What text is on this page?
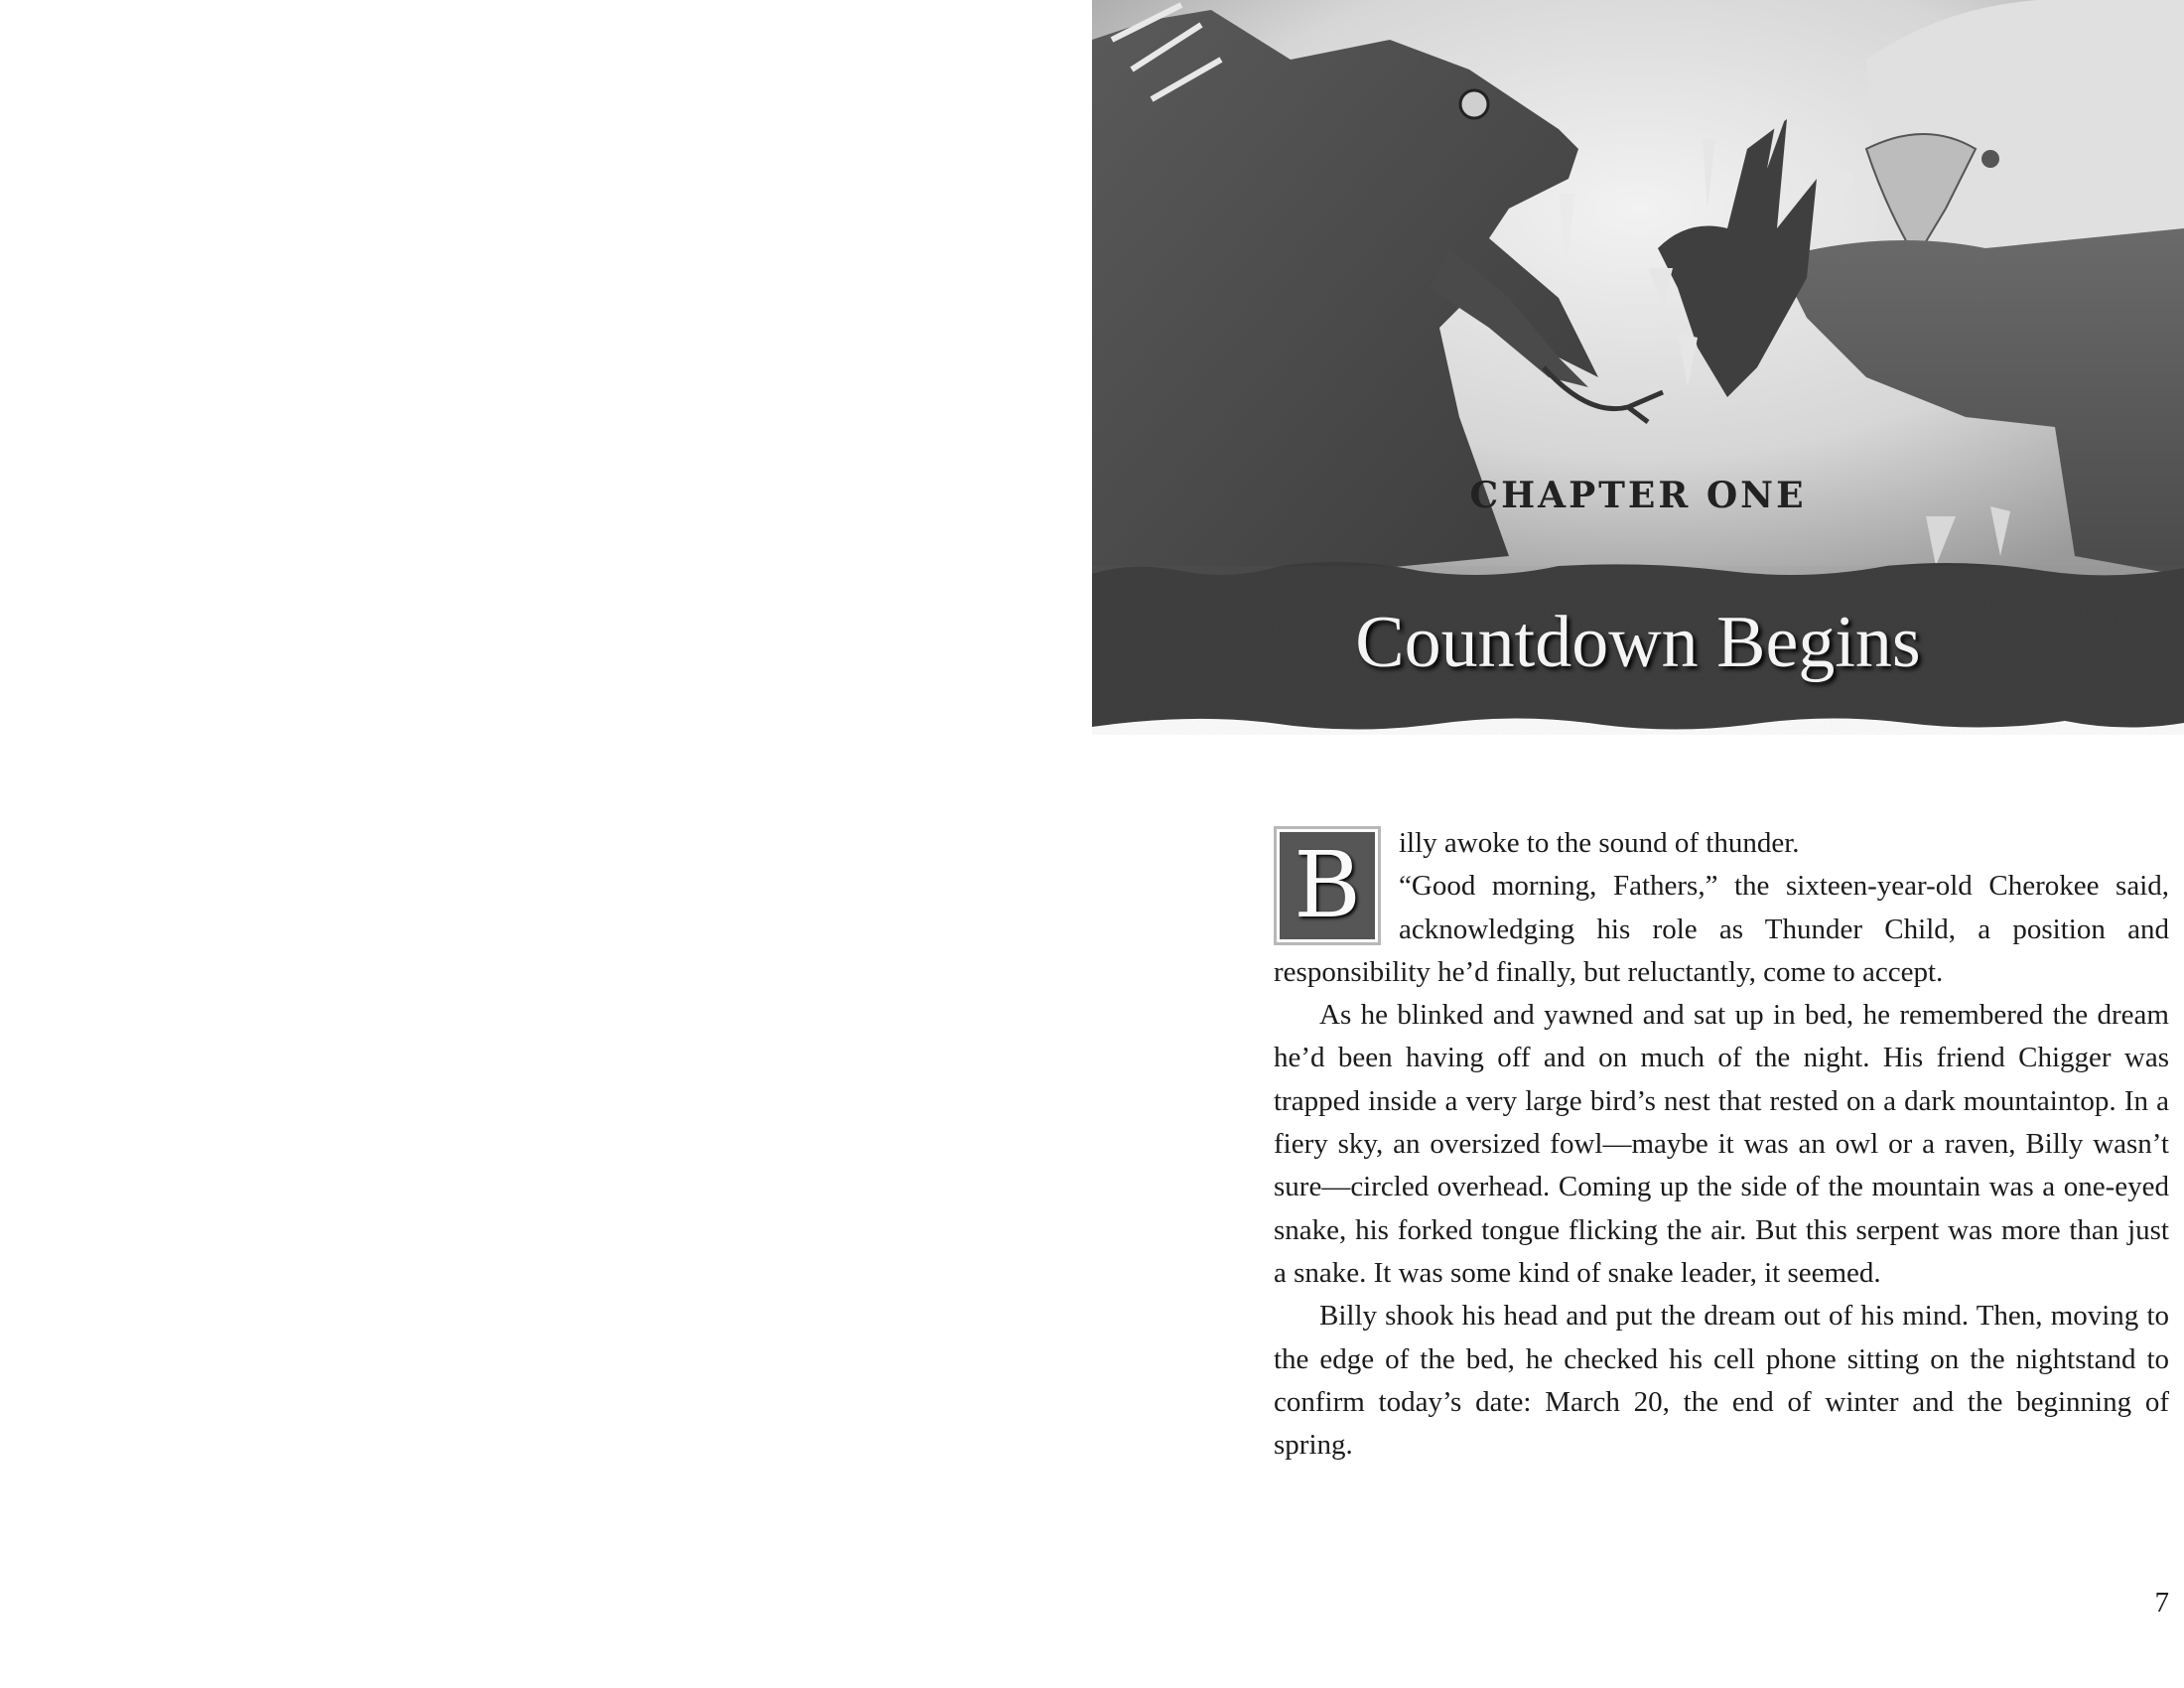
CHAPTER ONE
Countdown Begins
B	illy awoke to the sound of thunder.

“Good morning, Fathers,” the sixteen-year-old Cherokee said, acknowledging his role as Thunder Child, a position and responsibility he’d finally, but reluctantly, come to accept.

As he blinked and yawned and sat up in bed, he remembered the dream he’d been having off and on much of the night. His friend Chigger was trapped inside a very large bird’s nest that rested on a dark mountaintop. In a fiery sky, an oversized fowl—maybe it was an owl or a raven, Billy wasn’t sure—circled overhead. Coming up the side of the mountain was a one-eyed snake, his forked tongue flicking the air. But this serpent was more than just a snake. It was some kind of snake leader, it seemed.

Billy shook his head and put the dream out of his mind. Then, moving to the edge of the bed, he checked his cell phone sitting on the nightstand to confirm today’s date: March 20, the end of winter and the beginning of spring.

7
